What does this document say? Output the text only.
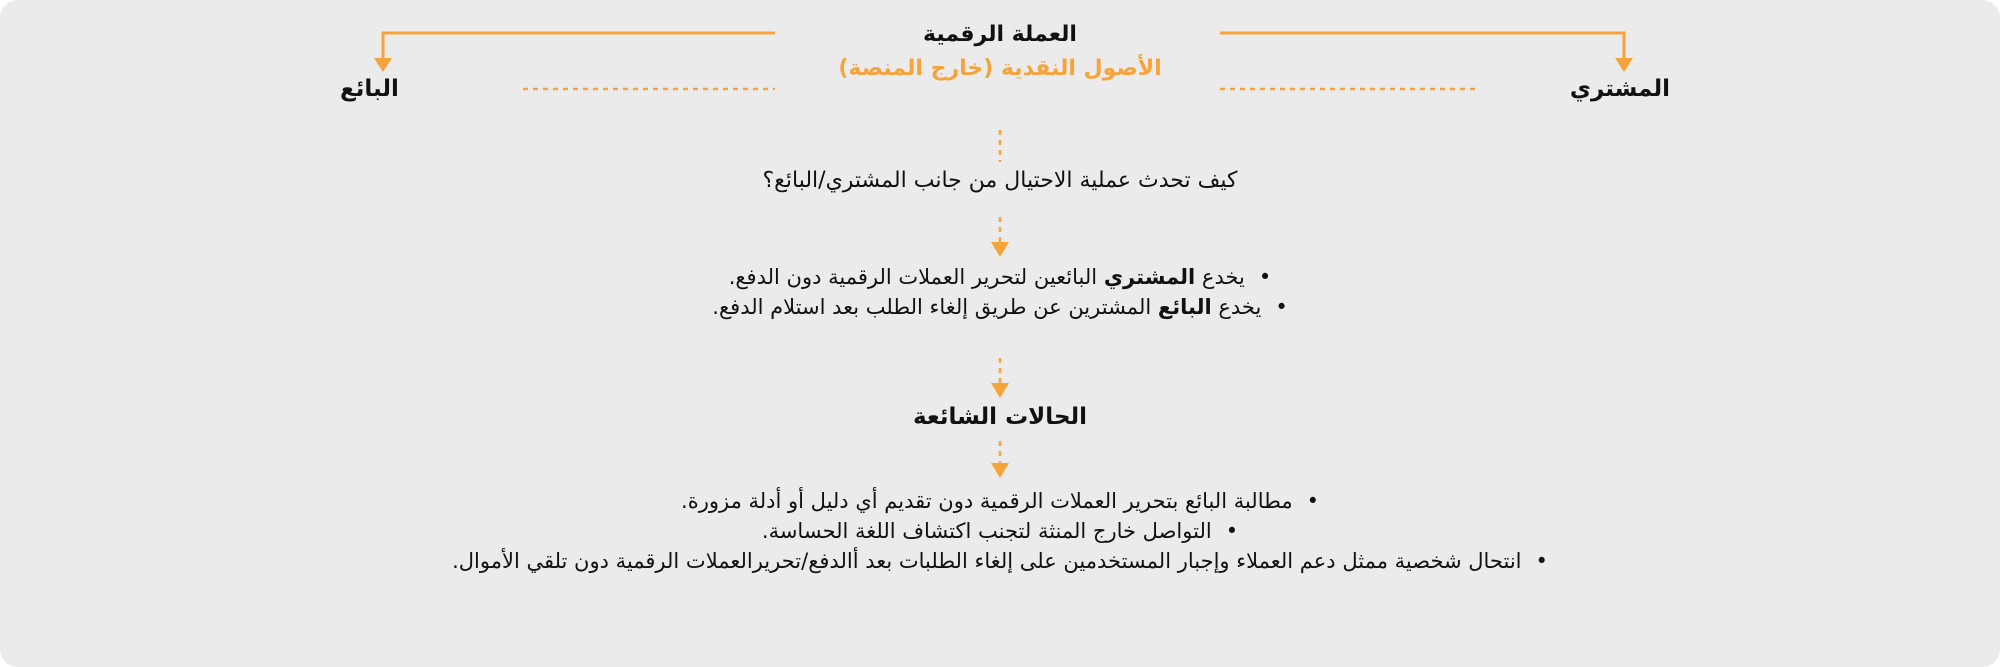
العملة الرقمية
الأصول النقدية (خارج المنصة)
المشتري
البائع
كيف تحدث عملية الاحتيال من جانب المشتري/البائع؟
•يخدع المشتري البائعين لتحرير العملات الرقمية دون الدفع.
•يخدع البائع المشترين عن طريق إلغاء الطلب بعد استلام الدفع.
الحالات الشائعة
•مطالبة البائع بتحرير العملات الرقمية دون تقديم أي دليل أو أدلة مزورة.
•التواصل خارج المنثة لتجنب اكتشاف اللغة الحساسة.
•انتحال شخصية ممثل دعم العملاء وإجبار المستخدمين على إلغاء الطلبات بعد أالدفع/تحريرالعملات الرقمية دون تلقي الأموال.
